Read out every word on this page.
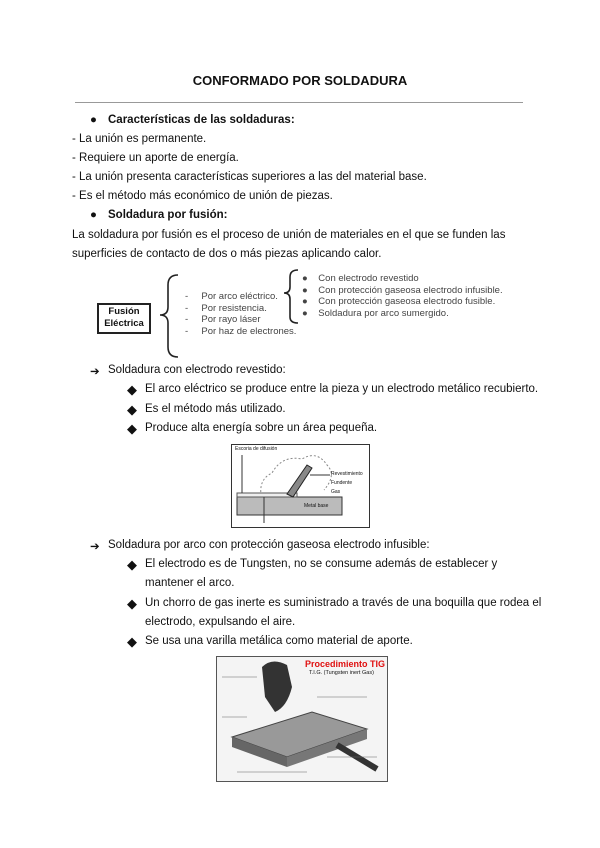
CONFORMADO POR SOLDADURA
● Características de las soldaduras:
- La unión es permanente.
- Requiere un aporte de energía.
- La unión presenta características superiores a las del material base.
- Es el método más económico de unión de piezas.
● Soldadura por fusión:
La soldadura por fusión es el proceso de unión de materiales en el que se funden las
superficies de contacto de dos o más piezas aplicando calor.
Fusión
Eléctrica
-     Por arco eléctrico.
-     Por resistencia.
-     Por rayo láser
-     Por haz de electrones.
●    Con electrodo revestido
●    Con protección gaseosa electrodo infusible.
●    Con protección gaseosa electrodo fusible.
●    Soldadura por arco sumergido.
➔ Soldadura con electrodo revestido:
◆ El arco eléctrico se produce entre la pieza y un electrodo metálico recubierto.
◆ Es el método más utilizado.
◆ Produce alta energía sobre un área pequeña.
Escoria de difusión
Revestimiento
Fundente
Gas
Metal base
➔ Soldadura por arco con protección gaseosa electrodo infusible:
◆ El electrodo es de Tungsten, no se consume además de establecer y
mantener el arco.
◆ Un chorro de gas inerte es suministrado a través de una boquilla que rodea el
electrodo, expulsando el aire.
◆ Se usa una varilla metálica como material de aporte.
Procedimiento TIG
T.I.G. (Tungsten inert Gas)
